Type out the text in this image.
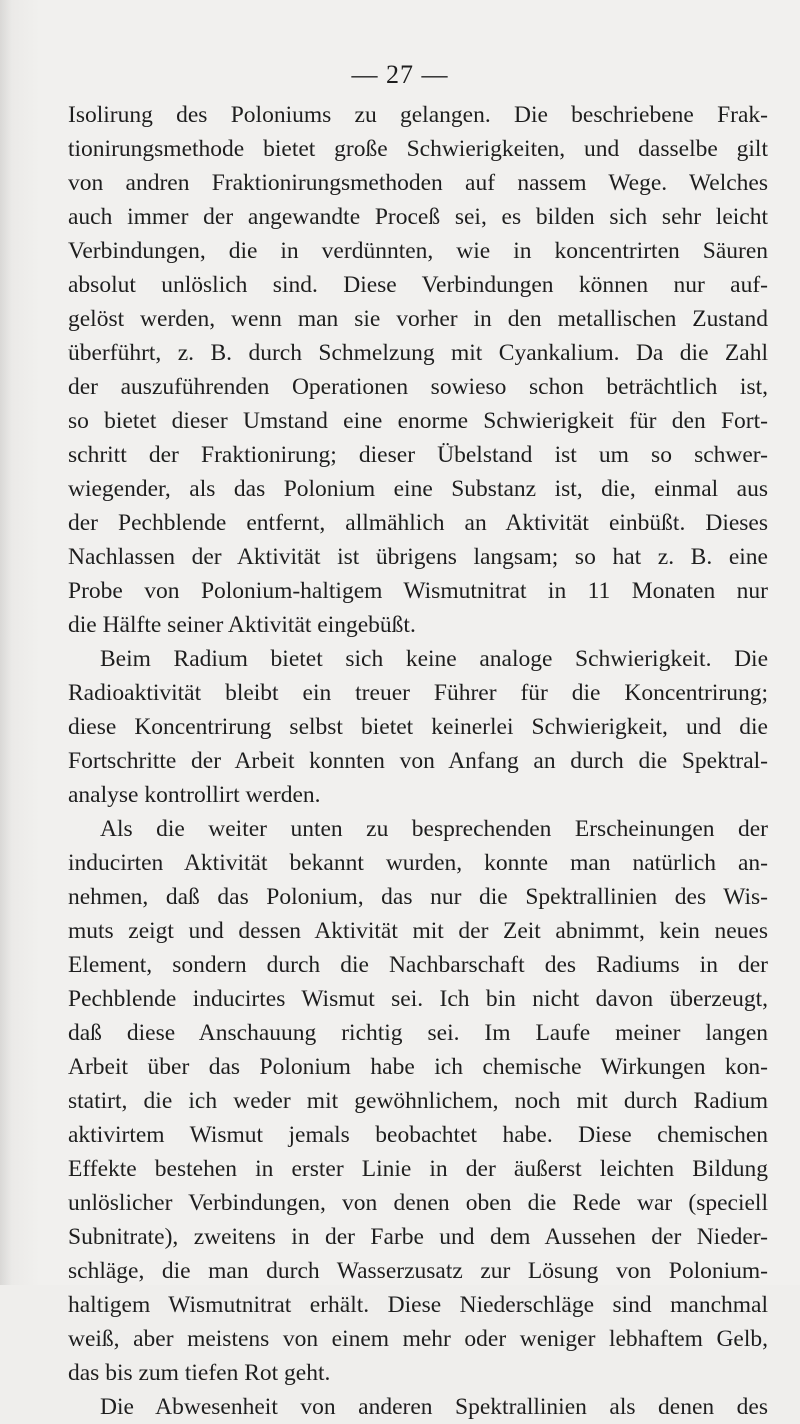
— 27 —
Isolirung des Poloniums zu gelangen. Die beschriebene Frak-
tionirungsmethode bietet große Schwierigkeiten, und dasselbe gilt
von andren Fraktionirungsmethoden auf nassem Wege. Welches
auch immer der angewandte Proceß sei, es bilden sich sehr leicht
Verbindungen, die in verdünnten, wie in koncentrirten Säuren
absolut unlöslich sind. Diese Verbindungen können nur auf-
gelöst werden, wenn man sie vorher in den metallischen Zustand
überführt, z. B. durch Schmelzung mit Cyankalium. Da die Zahl
der auszuführenden Operationen sowieso schon beträchtlich ist,
so bietet dieser Umstand eine enorme Schwierigkeit für den Fort-
schritt der Fraktionirung; dieser Übelstand ist um so schwer-
wiegender, als das Polonium eine Substanz ist, die, einmal aus
der Pechblende entfernt, allmählich an Aktivität einbüßt. Dieses
Nachlassen der Aktivität ist übrigens langsam; so hat z. B. eine
Probe von Polonium-haltigem Wismutnitrat in 11 Monaten nur
die Hälfte seiner Aktivität eingebüßt.
Beim Radium bietet sich keine analoge Schwierigkeit. Die
Radioaktivität bleibt ein treuer Führer für die Koncentrirung;
diese Koncentrirung selbst bietet keinerlei Schwierigkeit, und die
Fortschritte der Arbeit konnten von Anfang an durch die Spektral-
analyse kontrollirt werden.
Als die weiter unten zu besprechenden Erscheinungen der
inducirten Aktivität bekannt wurden, konnte man natürlich an-
nehmen, daß das Polonium, das nur die Spektrallinien des Wis-
muts zeigt und dessen Aktivität mit der Zeit abnimmt, kein neues
Element, sondern durch die Nachbarschaft des Radiums in der
Pechblende inducirtes Wismut sei. Ich bin nicht davon überzeugt,
daß diese Anschauung richtig sei. Im Laufe meiner langen
Arbeit über das Polonium habe ich chemische Wirkungen kon-
statirt, die ich weder mit gewöhnlichem, noch mit durch Radium
aktivirtem Wismut jemals beobachtet habe. Diese chemischen
Effekte bestehen in erster Linie in der äußerst leichten Bildung
unlöslicher Verbindungen, von denen oben die Rede war (speciell
Subnitrate), zweitens in der Farbe und dem Aussehen der Nieder-
schläge, die man durch Wasserzusatz zur Lösung von Polonium-
haltigem Wismutnitrat erhält. Diese Niederschläge sind manchmal
weiß, aber meistens von einem mehr oder weniger lebhaftem Gelb,
das bis zum tiefen Rot geht.
Die Abwesenheit von anderen Spektrallinien als denen des
